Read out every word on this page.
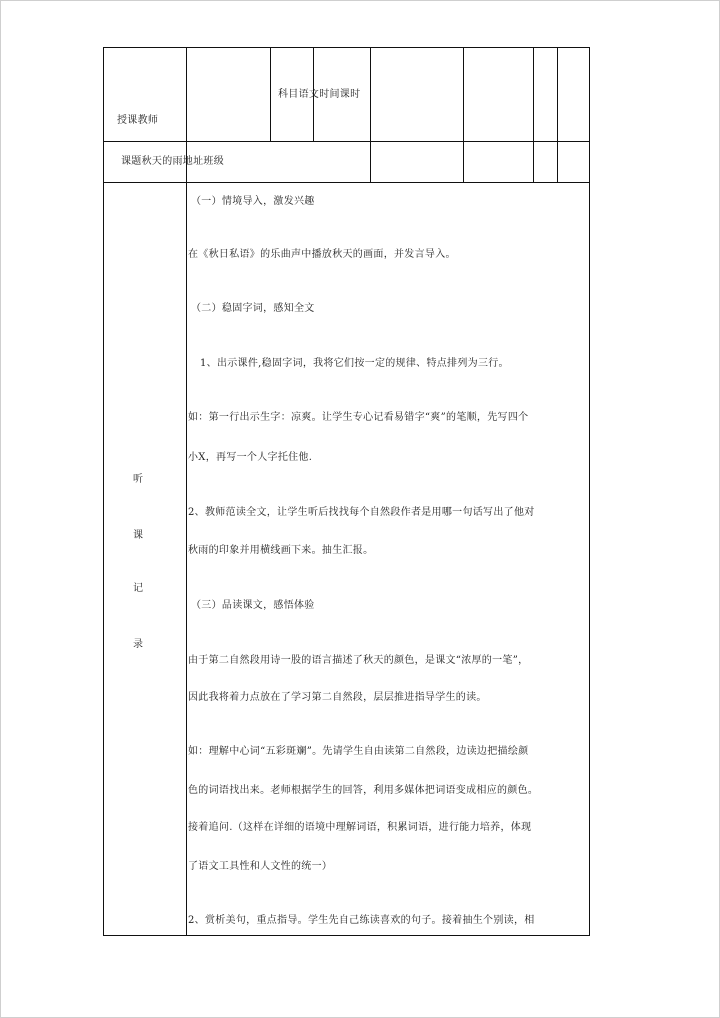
授课教师
科目语文时间课时
课题秋天的雨地址班级
听
课
记
录
（一）情境导入，激发兴趣
在《秋日私语》的乐曲声中播放秋天的画面，并发言导入。
（二）稳固字词，感知全文
1、出示课件,稳固字词，我将它们按一定的规律、特点排列为三行。
如：第一行出示生字：凉爽。让学生专心记看易错字“爽”的笔顺，先写四个
小X，再写一个人字托住他.
2、教师范读全文，让学生听后找找每个自然段作者是用哪一句话写出了他对
秋雨的印象并用横线画下来。抽生汇报。
（三）品读课文，感悟体验
由于第二自然段用诗一股的语言描述了秋天的颜色，是课文“浓厚的一笔”，
因此我将着力点放在了学习第二自然段，层层推进指导学生的读。
如：理解中心词“五彩斑斓”。先请学生自由读第二自然段，边读边把描绘颜
色的词语找出来。老师根据学生的回答，利用多媒体把词语变成相应的颜色。
接着追问.（这样在详细的语境中理解词语，积累词语，进行能力培养，体现
了语文工具性和人文性的统一）
2、赏析美句，重点指导。学生先自己练读喜欢的句子。接着抽生个别读，相
